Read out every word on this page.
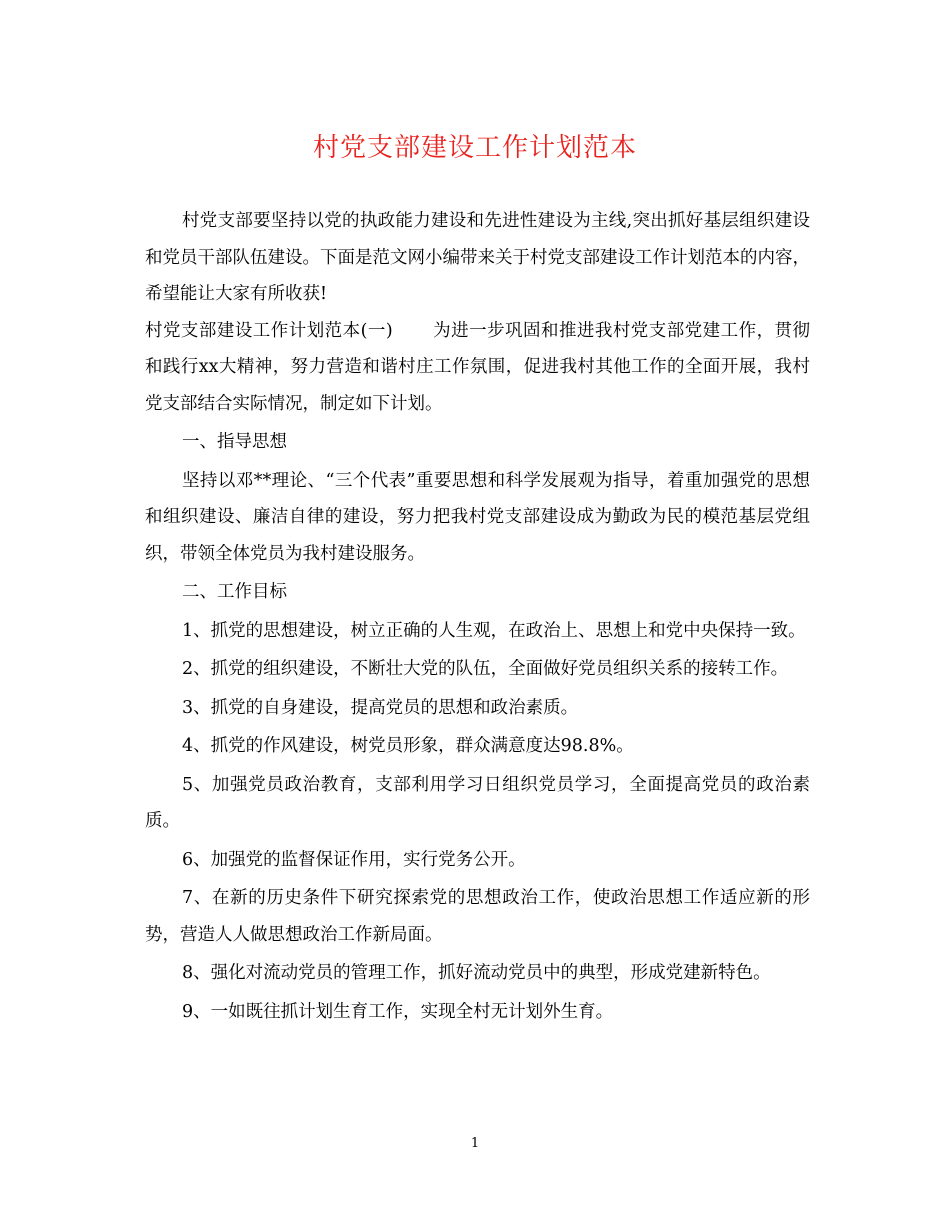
村党支部建设工作计划范本

村党支部要坚持以党的执政能力建设和先进性建设为主线,突出抓好基层组织建设和党员干部队伍建设。下面是范文网小编带来关于村党支部建设工作计划范本的内容，希望能让大家有所收获!

村党支部建设工作计划范本(一) 为进一步巩固和推进我村党支部党建工作，贯彻和践行xx大精神，努力营造和谐村庄工作氛围，促进我村其他工作的全面开展，我村党支部结合实际情况，制定如下计划。

一、指导思想

坚持以邓**理论、“三个代表”重要思想和科学发展观为指导，着重加强党的思想和组织建设、廉洁自律的建设，努力把我村党支部建设成为勤政为民的模范基层党组织，带领全体党员为我村建设服务。

二、工作目标

1、抓党的思想建设，树立正确的人生观，在政治上、思想上和党中央保持一致。

2、抓党的组织建设，不断壮大党的队伍，全面做好党员组织关系的接转工作。

3、抓党的自身建设，提高党员的思想和政治素质。

4、抓党的作风建设，树党员形象，群众满意度达98.8%。

5、加强党员政治教育，支部利用学习日组织党员学习，全面提高党员的政治素质。

6、加强党的监督保证作用，实行党务公开。

7、在新的历史条件下研究探索党的思想政治工作，使政治思想工作适应新的形势，营造人人做思想政治工作新局面。

8、强化对流动党员的管理工作，抓好流动党员中的典型，形成党建新特色。

9、一如既往抓计划生育工作，实现全村无计划外生育。

1
